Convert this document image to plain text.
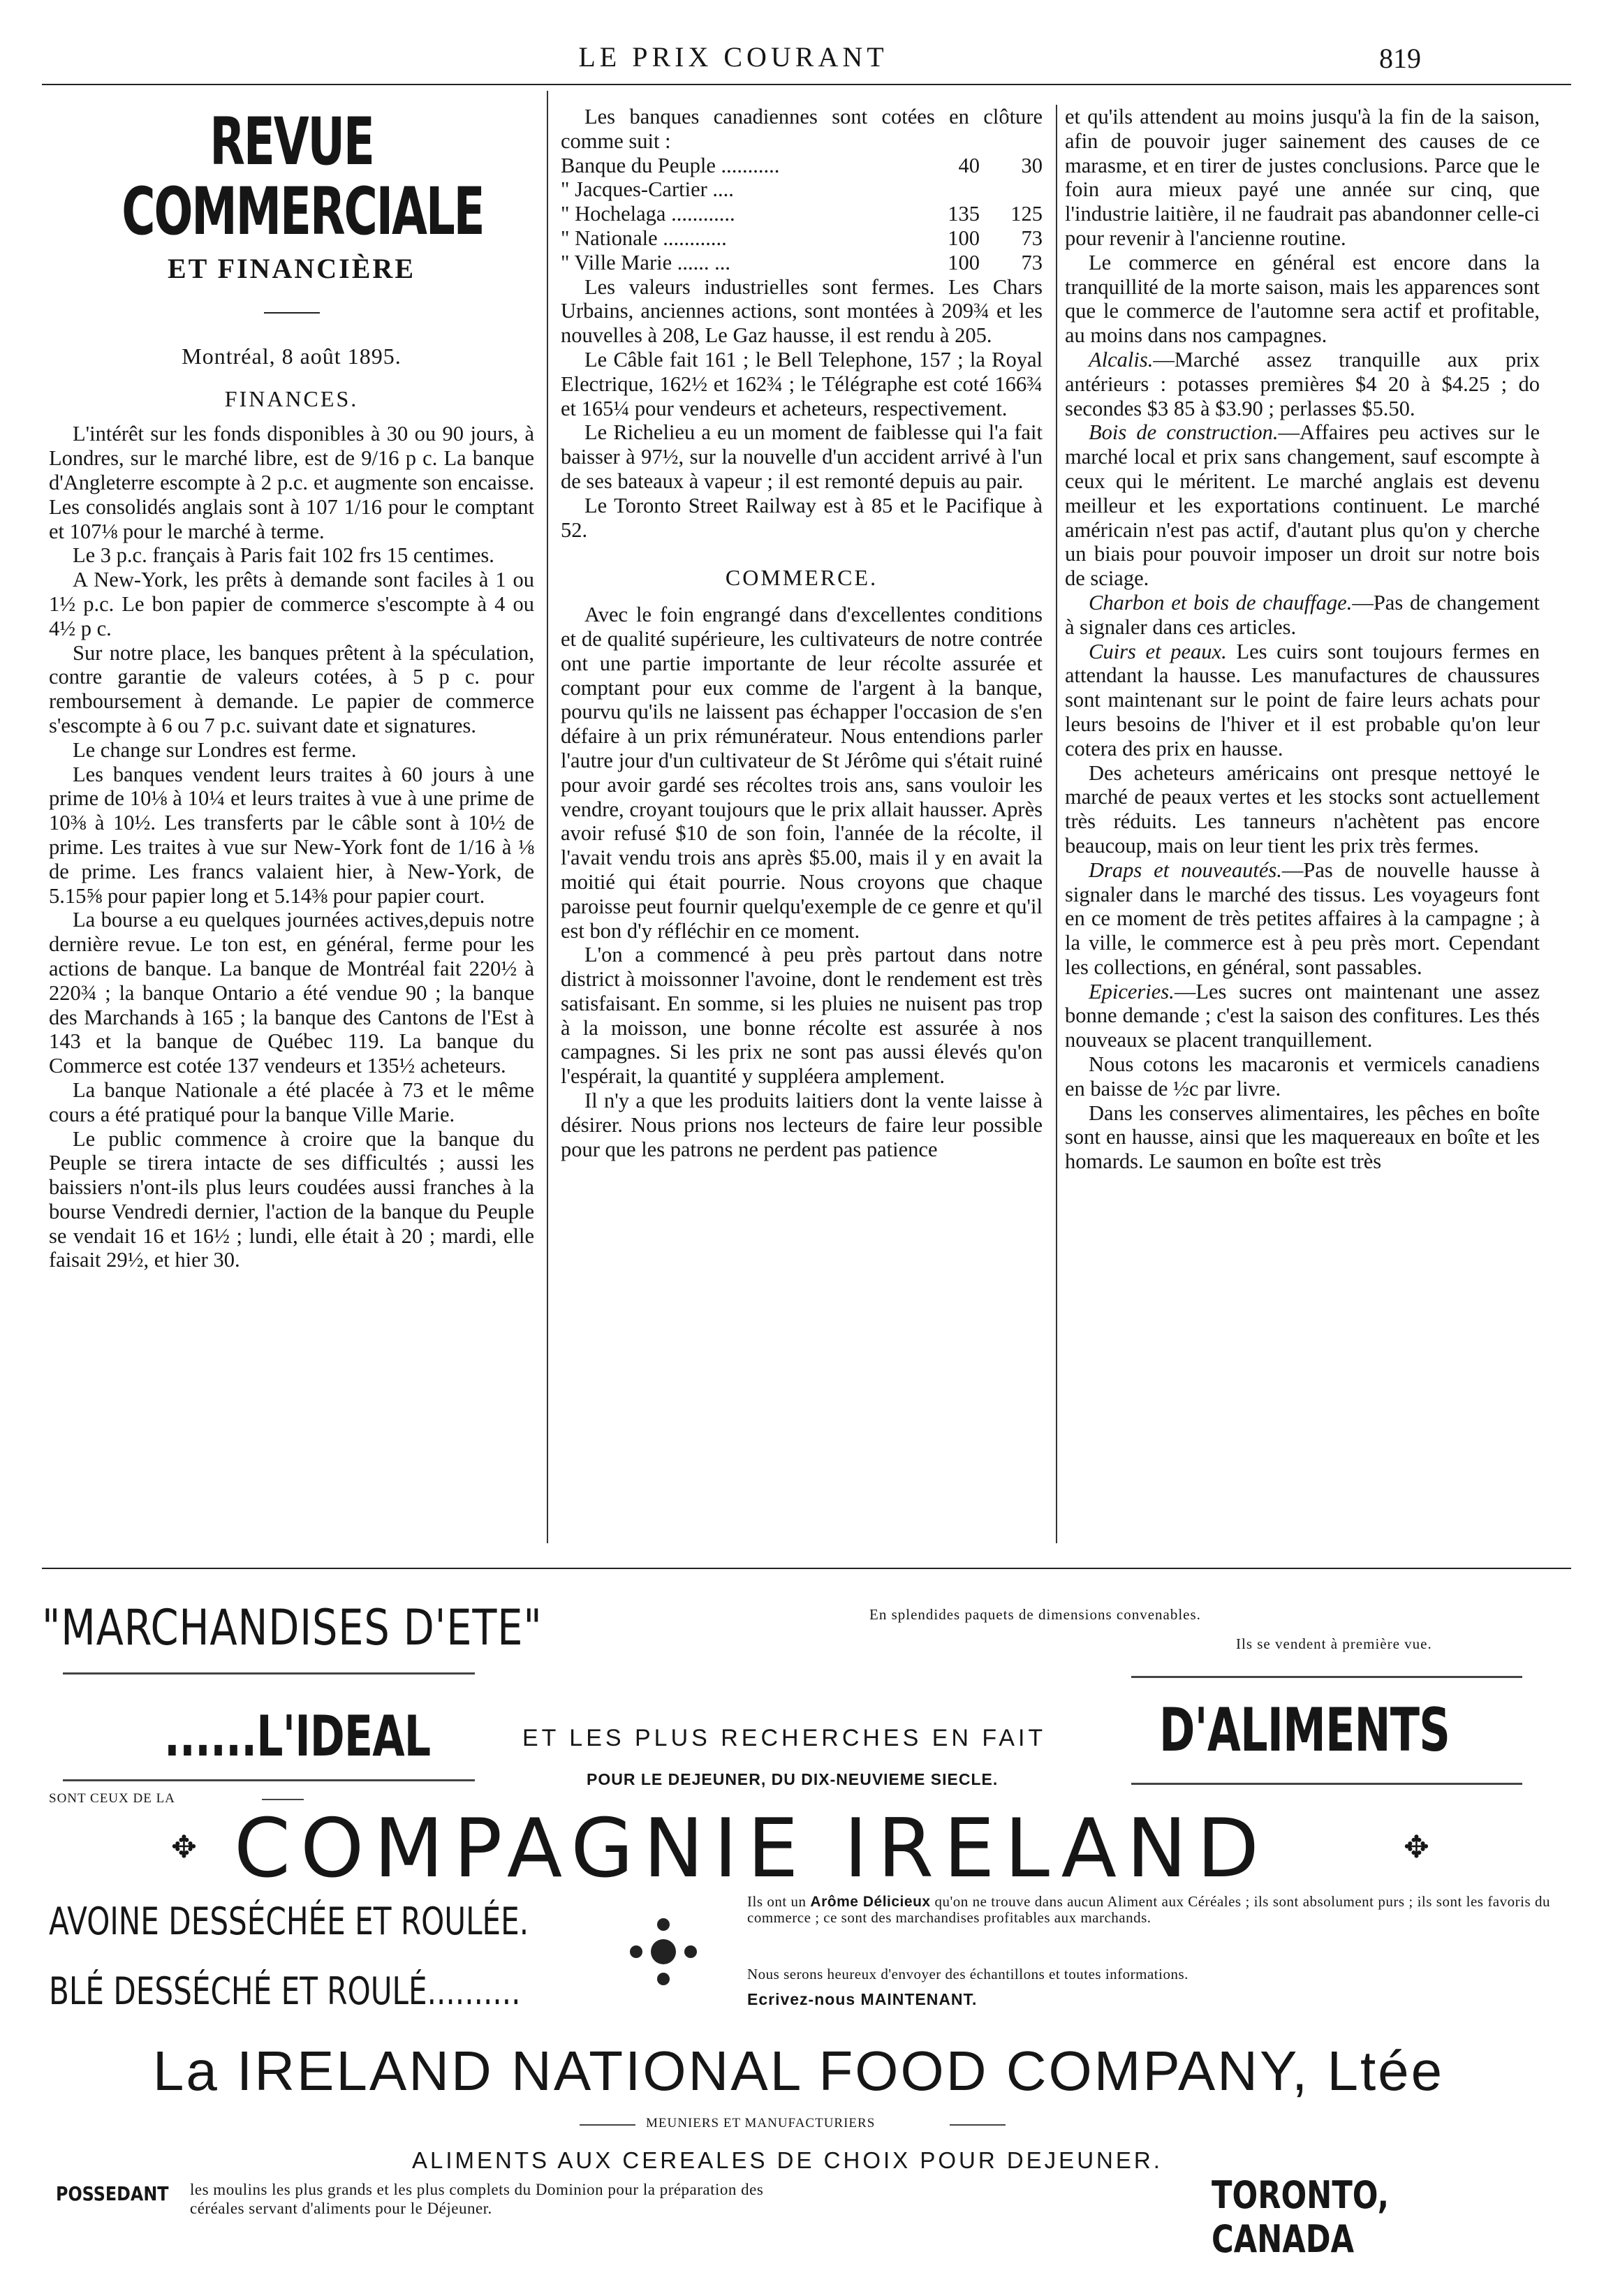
LE PRIX COURANT	819
REVUE COMMERCIALE
ET FINANCIÈRE
Montréal, 8 août 1895.
FINANCES.

L'intérêt sur les fonds disponibles à 30 ou 90 jours, à Londres, sur le marché libre, est de 9/16 p c. La banque d'Angleterre escompte à 2 p.c. et augmente son encaisse. Les consolidés anglais sont à 107 1/16 pour le comptant et 107⅛ pour le marché à terme.

Le 3 p.c. français à Paris fait 102 frs 15 centimes.

A New-York, les prêts à demande sont faciles à 1 ou 1½ p.c. Le bon papier de commerce s'escompte à 4 ou 4½ p c.

Sur notre place, les banques prêtent à la spéculation, contre garantie de valeurs cotées, à 5 p c. pour remboursement à demande. Le papier de commerce s'escompte à 6 ou 7 p.c. suivant date et signatures.

Le change sur Londres est ferme.

Les banques vendent leurs traites à 60 jours à une prime de 10⅛ à 10¼ et leurs traites à vue à une prime de 10⅜ à 10½. Les transferts par le câble sont à 10½ de prime. Les traites à vue sur New-York font de 1/16 à ⅛ de prime. Les francs valaient hier, à New-York, de 5.15⅝ pour papier long et 5.14⅜ pour papier court.

La bourse a eu quelques journées actives,depuis notre dernière revue. Le ton est, en général, ferme pour les actions de banque. La banque de Montréal fait 220½ à 220¾ ; la banque Ontario a été vendue 90 ; la banque des Marchands à 165 ; la banque des Cantons de l'Est à 143 et la banque de Québec 119. La banque du Commerce est cotée 137 vendeurs et 135½ acheteurs.

La banque Nationale a été placée à 73 et le même cours a été pratiqué pour la banque Ville Marie.

Le public commence à croire que la banque du Peuple se tirera intacte de ses difficultés ; aussi les baissiers n'ont-ils plus leurs coudées aussi franches à la bourse Vendredi dernier, l'action de la banque du Peuple se vendait 16 et 16½ ; lundi, elle était à 20 ; mardi, elle faisait 29½, et hier 30.

Les banques canadiennes sont cotées en clôture comme suit :

Banque du Peuple ...........	40	30
" Jacques-Cartier ....
" Hochelaga ............	135	125
" Nationale ............	100	73
" Ville Marie ...... ...	100	73

Les valeurs industrielles sont fermes. Les Chars Urbains, anciennes actions, sont montées à 209¾ et les nouvelles à 208, Le Gaz hausse, il est rendu à 205.

Le Câble fait 161 ; le Bell Telephone, 157 ; la Royal Electrique, 162½ et 162¾ ; le Télégraphe est coté 166¾ et 165¼ pour vendeurs et acheteurs, respectivement.

Le Richelieu a eu un moment de faiblesse qui l'a fait baisser à 97½, sur la nouvelle d'un accident arrivé à l'un de ses bateaux à vapeur ; il est remonté depuis au pair.

Le Toronto Street Railway est à 85 et le Pacifique à 52.

COMMERCE.

Avec le foin engrangé dans d'excellentes conditions et de qualité supérieure, les cultivateurs de notre contrée ont une partie importante de leur récolte assurée et comptant pour eux comme de l'argent à la banque, pourvu qu'ils ne laissent pas échapper l'occasion de s'en défaire à un prix rémunérateur. Nous entendions parler l'autre jour d'un cultivateur de St Jérôme qui s'était ruiné pour avoir gardé ses récoltes trois ans, sans vouloir les vendre, croyant toujours que le prix allait hausser. Après avoir refusé $10 de son foin, l'année de la récolte, il l'avait vendu trois ans après $5.00, mais il y en avait la moitié qui était pourrie. Nous croyons que chaque paroisse peut fournir quelqu'exemple de ce genre et qu'il est bon d'y réfléchir en ce moment.

L'on a commencé à peu près partout dans notre district à moissonner l'avoine, dont le rendement est très satisfaisant. En somme, si les pluies ne nuisent pas trop à la moisson, une bonne récolte est assurée à nos campagnes. Si les prix ne sont pas aussi élevés qu'on l'espérait, la quantité y suppléera amplement.

Il n'y a que les produits laitiers dont la vente laisse à désirer. Nous prions nos lecteurs de faire leur possible pour que les patrons ne perdent pas patience

et qu'ils attendent au moins jusqu'à la fin de la saison, afin de pouvoir juger sainement des causes de ce marasme, et en tirer de justes conclusions. Parce que le foin aura mieux payé une année sur cinq, que l'industrie laitière, il ne faudrait pas abandonner celle-ci pour revenir à l'ancienne routine.

Le commerce en général est encore dans la tranquillité de la morte saison, mais les apparences sont que le commerce de l'automne sera actif et profitable, au moins dans nos campagnes.

Alcalis.—Marché assez tranquille aux prix antérieurs : potasses premières $4 20 à $4.25 ; do secondes $3 85 à $3.90 ; perlasses $5.50.

Bois de construction.—Affaires peu actives sur le marché local et prix sans changement, sauf escompte à ceux qui le méritent. Le marché anglais est devenu meilleur et les exportations continuent. Le marché américain n'est pas actif, d'autant plus qu'on y cherche un biais pour pouvoir imposer un droit sur notre bois de sciage.

Charbon et bois de chauffage.—Pas de changement à signaler dans ces articles.

Cuirs et peaux. Les cuirs sont toujours fermes en attendant la hausse. Les manufactures de chaussures sont maintenant sur le point de faire leurs achats pour leurs besoins de l'hiver et il est probable qu'on leur cotera des prix en hausse.

Des acheteurs américains ont presque nettoyé le marché de peaux vertes et les stocks sont actuellement très réduits. Les tanneurs n'achètent pas encore beaucoup, mais on leur tient les prix très fermes.

Draps et nouveautés.—Pas de nouvelle hausse à signaler dans le marché des tissus. Les voyageurs font en ce moment de très petites affaires à la campagne ; à la ville, le commerce est à peu près mort. Cependant les collections, en général, sont passables.

Epiceries.—Les sucres ont maintenant une assez bonne demande ; c'est la saison des confitures. Les thés nouveaux se placent tranquillement.

Nous cotons les macaronis et vermicels canadiens en baisse de ½c par livre.

Dans les conserves alimentaires, les pêches en boîte sont en hausse, ainsi que les maquereaux en boîte et les homards. Le saumon en boîte est très

"MARCHANDISES D'ETE"	En splendides paquets de dimensions convenables.
Ils se vendent à première vue.
......L'IDEAL	ET LES PLUS RECHERCHES EN FAIT
POUR LE DEJEUNER, DU DIX-NEUVIEME SIECLE.
D'ALIMENTS
SONT CEUX DE LA
✥ COMPAGNIE IRELAND	✥
AVOINE DESSÉCHÉE ET ROULÉE.
BLÉ DESSÉCHÉ ET ROULÉ..........
Ils ont un Arôme Délicieux qu'on ne trouve dans aucun Aliment aux Céréales ; ils sont absolument purs ; ils sont les favoris du commerce ; ce sont des marchandises profitables aux marchands.
Nous serons heureux d'envoyer des échantillons et toutes informations.
Ecrivez-nous MAINTENANT.
La IRELAND NATIONAL FOOD COMPANY, Ltée
MEUNIERS ET MANUFACTURIERS
ALIMENTS AUX CEREALES DE CHOIX POUR DEJEUNER.
POSSEDANT les moulins les plus grands et les plus complets du Dominion pour la préparation des céréales servant d'aliments pour le Déjeuner.	TORONTO, CANADA
